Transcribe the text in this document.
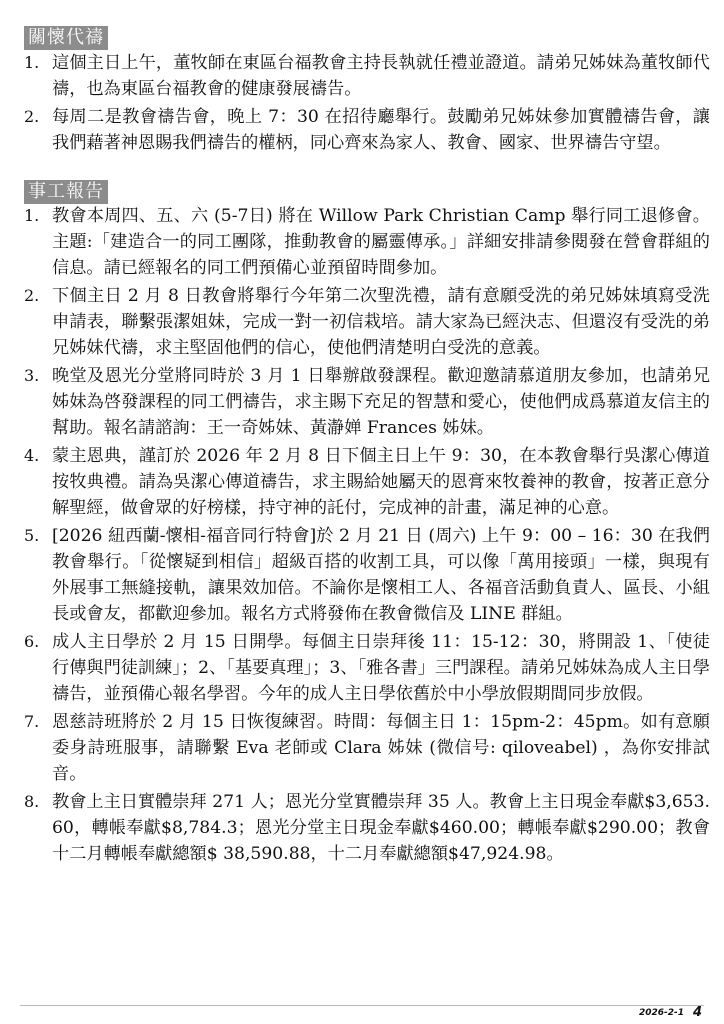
關懷代禱
1. 這個主日上午，董牧師在東區台福教會主持長執就任禮並證道。請弟兄姊妹為董牧師代禱，也為東區台福教會的健康發展禱告。
2. 每周二是教會禱告會，晚上 7：30 在招待廳舉行。鼓勵弟兄姊妹參加實體禱告會，讓我們藉著神恩賜我們禱告的權柄，同心齊來為家人、教會、國家、世界禱告守望。
事工報告
1. 教會本周四、五、六 (5-7日) 將在 Willow Park Christian Camp 舉行同工退修會。主題:「建造合一的同工團隊，推動教會的屬靈傳承。」詳細安排請參閱發在營會群組的信息。請已經報名的同工們預備心並預留時間參加。
2. 下個主日 2 月 8 日教會將舉行今年第二次聖洗禮，請有意願受洗的弟兄姊妹填寫受洗申請表，聯繫張潔姐妹，完成一對一初信栽培。請大家為已經決志、但還沒有受洗的弟兄姊妹代禱，求主堅固他們的信心，使他們清楚明白受洗的意義。
3. 晚堂及恩光分堂將同時於 3 月 1 日舉辦啟發課程。歡迎邀請慕道朋友參加，也請弟兄姊妹為啓發課程的同工們禱告，求主賜下充足的智慧和愛心，使他們成爲慕道友信主的幫助。報名請諮詢：王一奇姊妹、黃瀞婵 Frances 姊妹。
4. 蒙主恩典，謹訂於 2026 年 2 月 8 日下個主日上午 9：30，在本教會舉行吳潔心傳道按牧典禮。請為吳潔心傳道禱告，求主賜給她屬天的恩膏來牧養神的教會，按著正意分解聖經，做會眾的好榜樣，持守神的託付，完成神的計畫，滿足神的心意。
5. [2026 紐西蘭-懷相-福音同行特會]於 2 月 21 日 (周六) 上午 9：00 – 16：30 在我們教會舉行。「從懷疑到相信」超級百搭的收割工具，可以像「萬用接頭」一樣，與現有外展事工無縫接軌，讓果效加倍。不論你是懷相工人、各福音活動負責人、區長、小組長或會友，都歡迎參加。報名方式將發佈在教會微信及 LINE 群組。
6. 成人主日學於 2 月 15 日開學。每個主日崇拜後 11：15-12：30，將開設 1、「使徒行傳與門徒訓練」；2、「基要真理」；3、「雅各書」三門課程。請弟兄姊妹為成人主日學禱告，並預備心報名學習。今年的成人主日學依舊於中小學放假期間同步放假。
7. 恩慈詩班將於 2 月 15 日恢復練習。時間：每個主日 1：15pm-2：45pm。如有意願委身詩班服事，請聯繫 Eva 老師或 Clara 姊妹 (微信号: qiloveabel) ，為你安排試音。
8. 教會上主日實體崇拜 271 人；恩光分堂實體崇拜 35 人。教會上主日現金奉獻$3,653.60，轉帳奉獻$8,784.3；恩光分堂主日現金奉獻$460.00；轉帳奉獻$290.00；教會十二月轉帳奉獻總額$ 38,590.88，十二月奉獻總額$47,924.98。
2026-2-1 4
